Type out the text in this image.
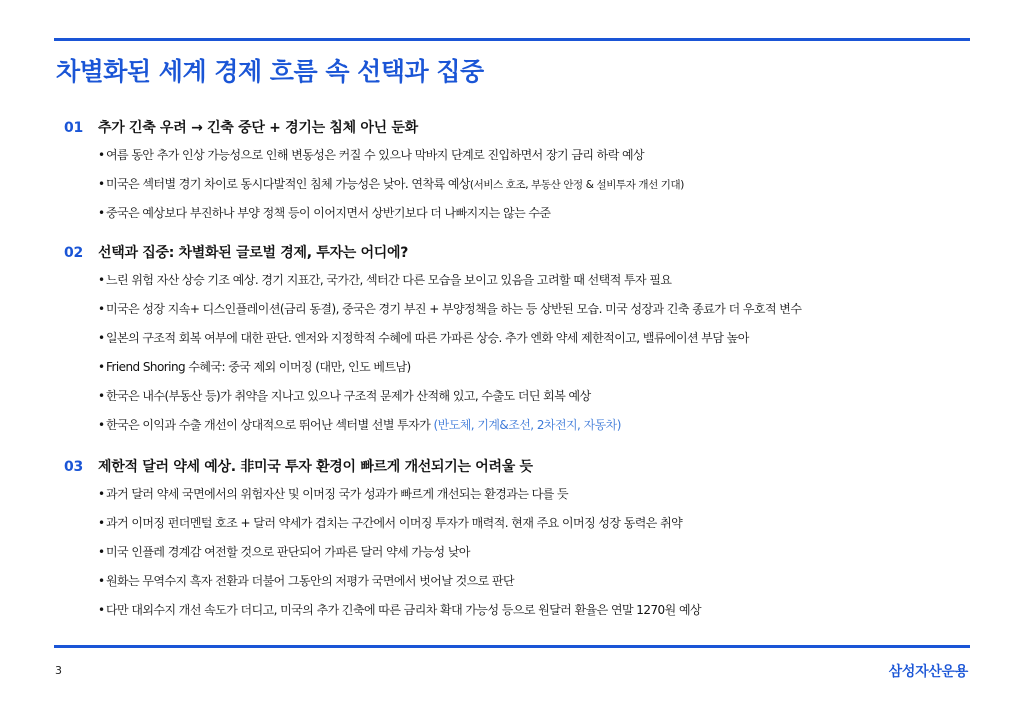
차별화된 세계 경제 흐름 속 선택과 집중
01 추가 긴축 우려 → 긴축 중단 + 경기는 침체 아닌 둔화
•여름 동안 추가 인상 가능성으로 인해 변동성은 커질 수 있으나 막바지 단계로 진입하면서 장기 금리 하락 예상
•미국은 섹터별 경기 차이로 동시다발적인 침체 가능성은 낮아. 연착륙 예상(서비스 호조, 부동산 안정 & 설비투자 개선 기대)
•중국은 예상보다 부진하나 부양 정책 등이 이어지면서 상반기보다 더 나빠지지는 않는 수준
02 선택과 집중: 차별화된 글로벌 경제, 투자는 어디에?
•느린 위험 자산 상승 기조 예상. 경기 지표간, 국가간, 섹터간 다른 모습을 보이고 있음을 고려할 때 선택적 투자 필요
•미국은 성장 지속+ 디스인플레이션(금리 동결), 중국은 경기 부진 + 부양정책을 하는 등 상반된 모습. 미국 성장과 긴축 종료가 더 우호적 변수
•일본의 구조적 회복 여부에 대한 판단. 엔저와 지정학적 수혜에 따른 가파른 상승. 추가 엔화 약세 제한적이고, 밸류에이션 부담 높아
•Friend Shoring 수혜국: 중국 제외 이머징 (대만, 인도 베트남)
•한국은 내수(부동산 등)가 취약을 지나고 있으나 구조적 문제가 산적해 있고, 수출도 더딘 회복 예상
•한국은 이익과 수출 개선이 상대적으로 뛰어난 섹터별 선별 투자가 (반도체, 기계&조선, 2차전지, 자동차)
03 제한적 달러 약세 예상. 非미국 투자 환경이 빠르게 개선되기는 어려울 듯
•과거 달러 약세 국면에서의 위험자산 및 이머징 국가 성과가 빠르게 개선되는 환경과는 다를 듯
•과거 이머징 펀더멘털 호조 + 달러 약세가 겹치는 구간에서 이머징 투자가 매력적. 현재 주요 이머징 성장 동력은 취약
•미국 인플레 경계감 여전할 것으로 판단되어 가파른 달러 약세 가능성 낮아
•원화는 무역수지 흑자 전환과 더불어 그동안의 저평가 국면에서 벗어날 것으로 판단
•다만 대외수지 개선 속도가 더디고, 미국의 추가 긴축에 따른 금리차 확대 가능성 등으로 원달러 환율은 연말 1270원 예상
3	삼성자산운용
